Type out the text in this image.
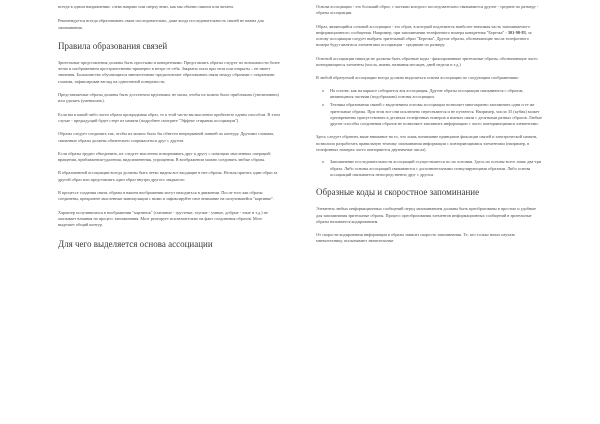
всегда в одном направлении: слева направо или сверху вниз, как мы обычно пишем или читаем.

Рекомендуется всегда образовывать связи последовательно, даже когда последовательность связей не важна для запоминания.

Правила образования связей

Зрительные представления должны быть простыми и конкретными. Представлять образы следует по возможности более четко и изображением пространственно-примерно в метре от себя. Закрыты глаза при этом или открыты – не имеет значения. Большинство обучающихся мнемотехнике предпочитают образовывать связи между образами с открытыми глазами, зафиксировав взгляд на однотонной поверхности.

Представляемые образы должны быть достаточно крупными, не малы, чтобы их можно было приближать (увеличивать) или удалять (уменьшать).

Если вы в какой-либо части образа прокрадывая образ, то к этой части вы мысленно прибегаете одним способом. В этом случае - предыдущий будет стерт из памяти (подробнее смотрите "Эффект стирания ассоциации").

Образы следует соединять так, чтобы их можно было бы обвести непрерывной линией по контуру. Другими словами, связанные образы должны обязательно соприкасаться друг с другом.

Если образы трудно объединить, их следует мысленно поворачивать друг к другу с помощью мысленных операций: вращения, приближения-удаления, видоизменения, упрощения. В воображении можно соединять любые образы.

В образованной ассоциации всегда должны быть четко видны все входящие в нее образы. Нельзя прятать один образ за другой образ или представлять один образ внутри другого закрытого.

В процессе создания связи, образы в вашем воображении могут находиться в движении. После того как образы соединены, прекратите мысленные манипуляции с ними и зафиксируйте свое внимание на получившейся "картинке".

Характер получившихся в воображении "картинок" (смешные - грустные, глупые - умные, добрые - злые и т.д.) не оказывает влияния на процесс запоминания. Мозг реагирует исключительно на факт соединения образов. Мозг выделяет общий контур.

Для чего выделяется основа ассоциации

Основа ассоциации - это больший образ, с частями которого последовательно связываются другие - средние по размеру - образы ассоциации.

Образ, являющийся основой ассоциации - это образ, в который подлежится наиболее значимая часть запоминаемого информационного сообщения. Например, при запоминании телефонного номера конкретная "Березка" - 301-90-83, за основу ассоциации следует выбрать зрительный образ "Березка". Другие образы, обозначающие числа телефонного номера будут являться элементами ассоциации - средними по размеру.

Основой ассоциации никогда не должны быть образные коды - фиксированные зрительные образы, обозначающие часто повторяющиеся элементы (числа, имена, названия месяцев, дней недели и т.д.)

В любой образуемой ассоциации всегда должна выделяться основа ассоциации по следующим соображениям:

o На основе, как на каркасе собирается вся ассоциация. Другие образы ассоциации связываются с образом, являющимся частями (подобразами) основы ассоциации.
o Техника образования связей с выделением основы ассоциации позволяет многократно запоминать одни и те же зрительные образы. При этом все они исключено пересекаются и не путаются. Например, число 35 (кубик) может одновременно присутствовать в десятках телефонных номеров и именах связи с десятками разных образов. Любые другие способы соединения образов не позволяют запомнить информацию с часто повторяющимися элементами.

Здесь следует обратить ваше внимание на то, что лишь понимание принципов фиксации связей и электрической памяти, позволило разработать правильную технику запоминания информации с повторяющимися элементами (например, в телефонных номерах часто повторяются двузначные числа).

o Запоминание последовательности ассоциаций осуществляется по их основам. Здесь их основы всего лишь два-три образа. Либо основы ассоциаций связываются с дополнительными стимулирующими образами. Либо основа ассоциаций связывается непосредственно друг с другом.
Образные коды и скоростное запоминание

Элементы любых информационных сообщений перед запоминанием должны быть преобразованы в простые и удобные для запоминания зрительные образы. Процесс преобразования элементов информационных сообщений в зрительные образы называется кодированием.

От скорости кодирования информации в образы зависит скорость запоминания. Те, кто только начал изучать мнемотехнику, испытывают значительные
